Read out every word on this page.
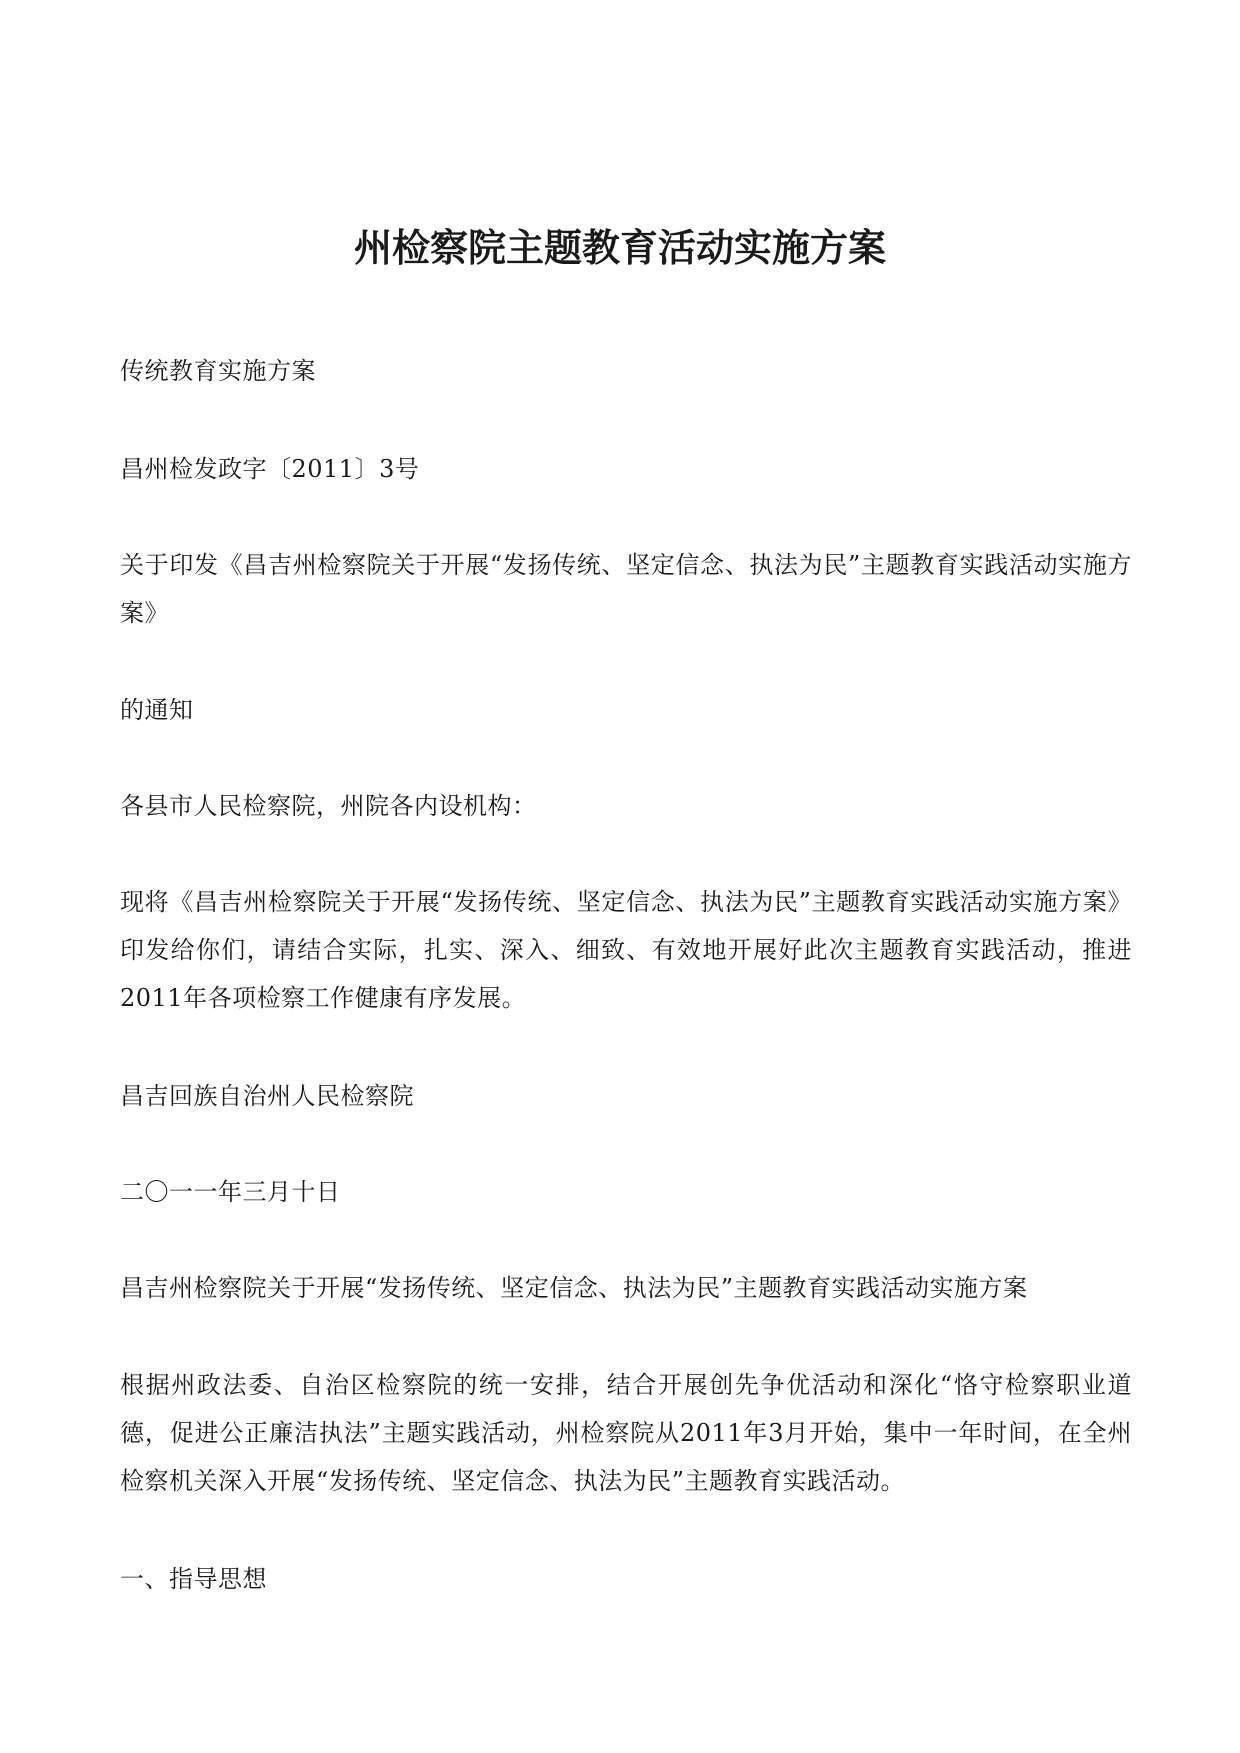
州检察院主题教育活动实施方案
传统教育实施方案
昌州检发政字〔2011〕3号
关于印发《昌吉州检察院关于开展“发扬传统、坚定信念、执法为民”主题教育实践活动实施方案》
的通知
各县市人民检察院，州院各内设机构：
现将《昌吉州检察院关于开展“发扬传统、坚定信念、执法为民”主题教育实践活动实施方案》印发给你们，请结合实际，扎实、深入、细致、有效地开展好此次主题教育实践活动，推进2011年各项检察工作健康有序发展。
昌吉回族自治州人民检察院
二〇一一年三月十日
昌吉州检察院关于开展“发扬传统、坚定信念、执法为民”主题教育实践活动实施方案
根据州政法委、自治区检察院的统一安排，结合开展创先争优活动和深化“恪守检察职业道德，促进公正廉洁执法”主题实践活动，州检察院从2011年3月开始，集中一年时间，在全州检察机关深入开展“发扬传统、坚定信念、执法为民”主题教育实践活动。
一、指导思想
